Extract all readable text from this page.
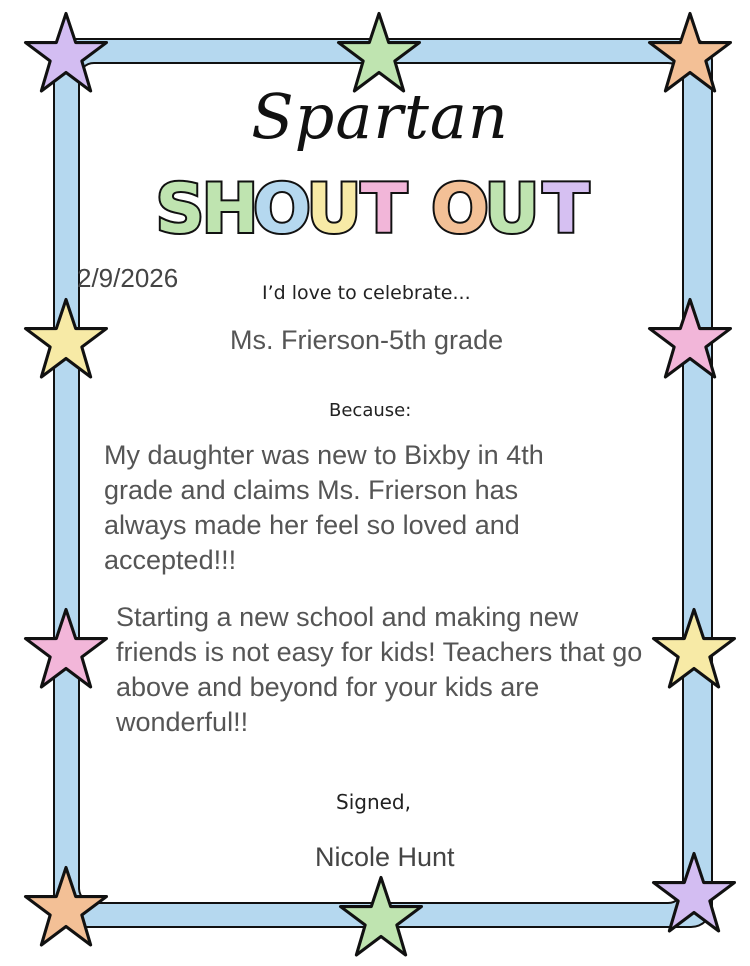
Spartan
S
H
O
U T O
U T
2/9/2026	I’d love to celebrate...
Ms. Frierson-5th grade
Because:
My daughter was new to Bixby in 4th grade and claims Ms. Frierson has always made her feel so loved and accepted!!!
Starting a new school and making new friends is not easy for kids! Teachers that go above and beyond for your kids are wonderful!!
Signed,
Nicole Hunt
